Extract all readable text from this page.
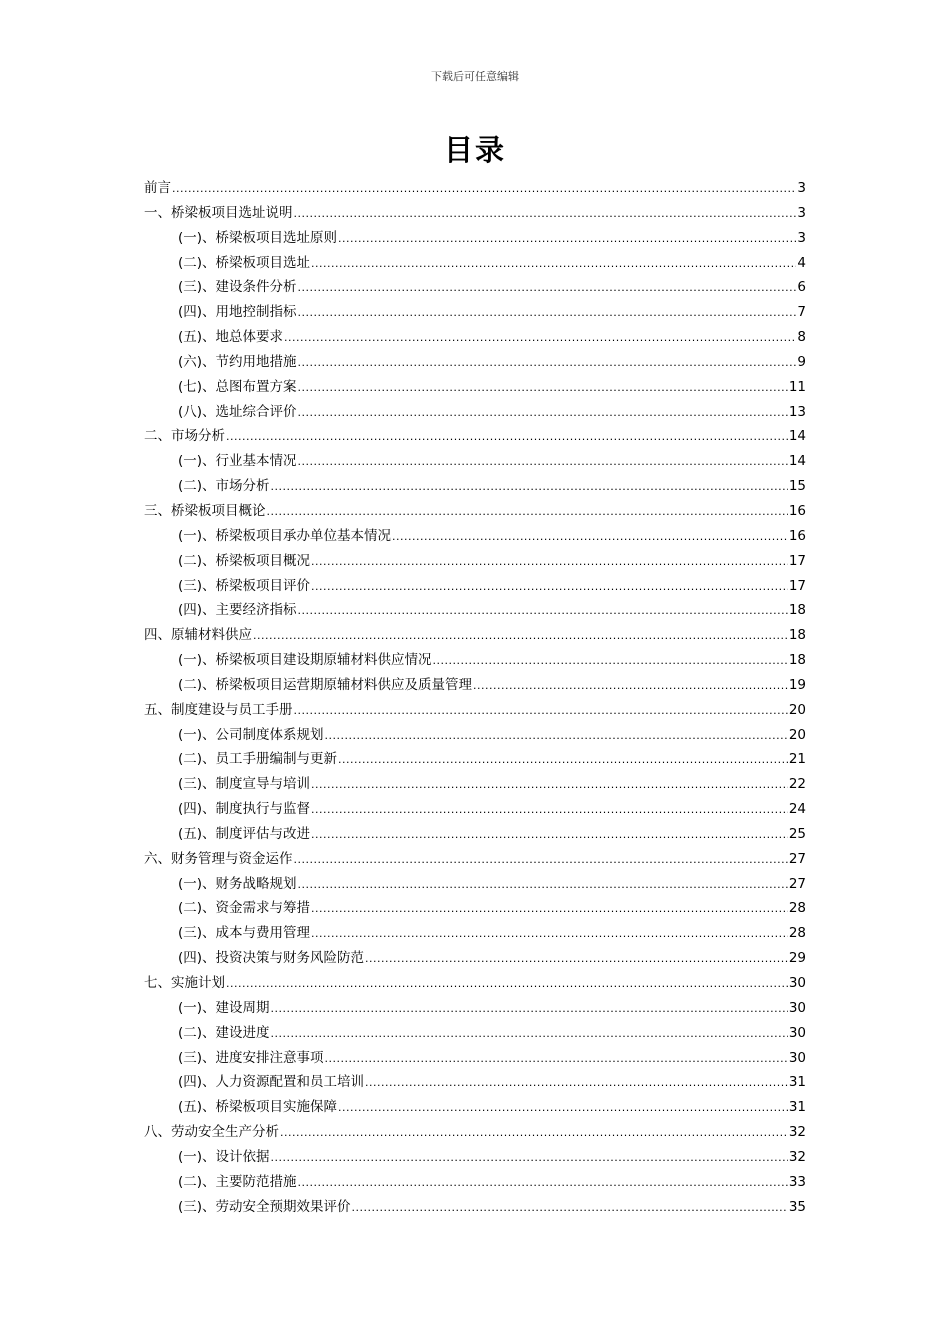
下载后可任意编辑
目录
前言 .....	3
一、桥梁板项目选址说明 .....	3
(一)、桥梁板项目选址原则 .....	3
(二)、桥梁板项目选址 .....	4
(三)、建设条件分析 .....	6
(四)、用地控制指标 .....	7
(五)、地总体要求 .....	8
(六)、节约用地措施 .....	9
(七)、总图布置方案 .....	11
(八)、选址综合评价 .....	13
二、市场分析 .....	14
(一)、行业基本情况 .....	14
(二)、市场分析 .....	15
三、桥梁板项目概论 .....	16
(一)、桥梁板项目承办单位基本情况 .....	16
(二)、桥梁板项目概况 .....	17
(三)、桥梁板项目评价 .....	17
(四)、主要经济指标 .....	18
四、原辅材料供应 .....	18
(一)、桥梁板项目建设期原辅材料供应情况 .....	18
(二)、桥梁板项目运营期原辅材料供应及质量管理 .....	19
五、制度建设与员工手册 .....	20
(一)、公司制度体系规划 .....	20
(二)、员工手册编制与更新 .....	21
(三)、制度宣导与培训 .....	22
(四)、制度执行与监督 .....	24
(五)、制度评估与改进 .....	25
六、财务管理与资金运作 .....	27
(一)、财务战略规划 .....	27
(二)、资金需求与筹措 .....	28
(三)、成本与费用管理 .....	28
(四)、投资决策与财务风险防范 .....	29
七、实施计划 .....	30
(一)、建设周期 .....	30
(二)、建设进度 .....	30
(三)、进度安排注意事项 .....	30
(四)、人力资源配置和员工培训 .....	31
(五)、桥梁板项目实施保障 .....	31
八、劳动安全生产分析 .....	32
(一)、设计依据 .....	32
(二)、主要防范措施 .....	33
(三)、劳动安全预期效果评价 .....	35
